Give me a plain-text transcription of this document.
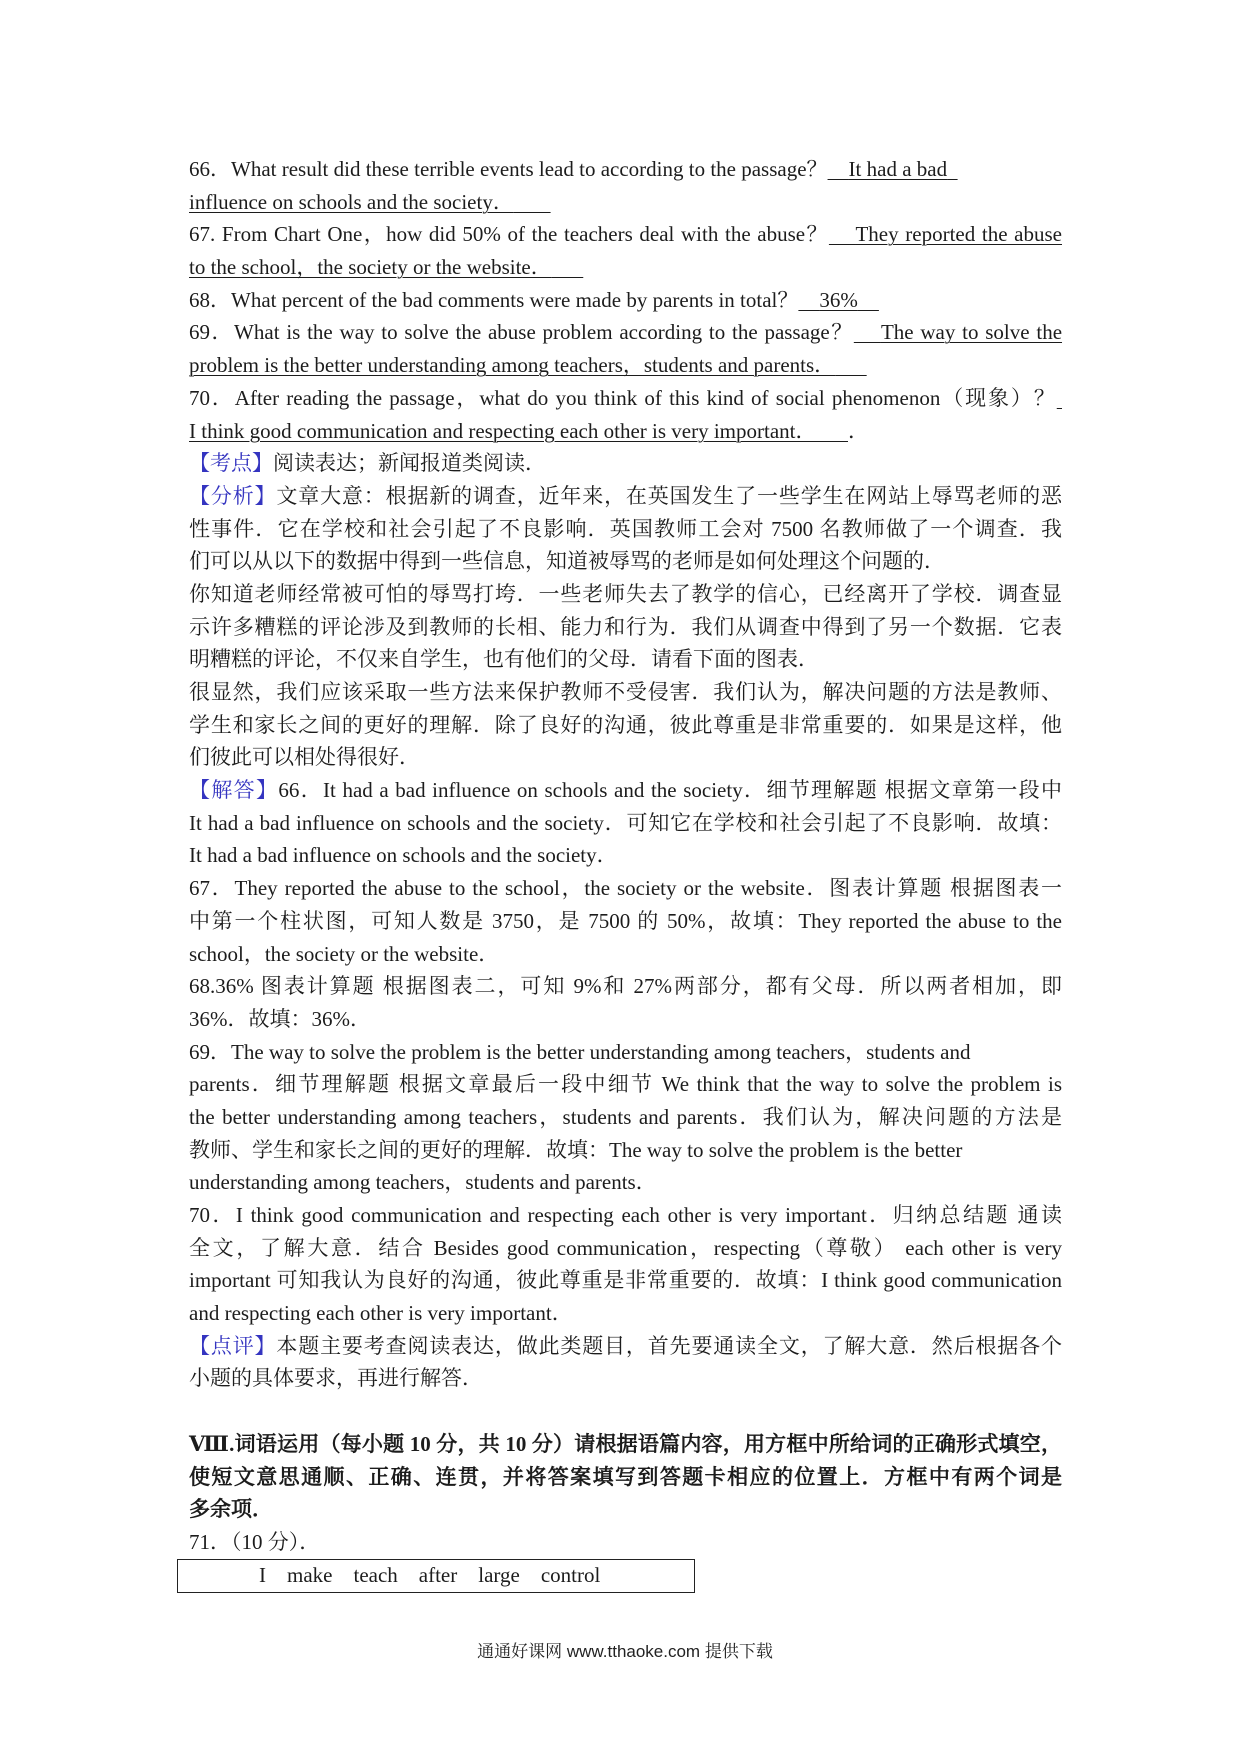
66．What result did these terrible events lead to according to the passage？ It had a bad
influence on schools and the society．
67. From Chart One，how did 50% of the teachers deal with the abuse？ They reported the abuse
to the school，the society or the website．
68．What percent of the bad comments were made by parents in total？ 36%
69．What is the way to solve the abuse problem according to the passage？ The way to solve the
problem is the better understanding among teachers，students and parents．
70．After reading the passage，what do you think of this kind of social phenomenon（现象）？
I think good communication and respecting each other is very important． ．
【考点】阅读表达；新闻报道类阅读．
【分析】文章大意：根据新的调查，近年来，在英国发生了一些学生在网站上辱骂老师的恶
性事件．它在学校和社会引起了不良影响．英国教师工会对 7500 名教师做了一个调查．我
们可以从以下的数据中得到一些信息，知道被辱骂的老师是如何处理这个问题的．
你知道老师经常被可怕的辱骂打垮．一些老师失去了教学的信心，已经离开了学校．调查显
示许多糟糕的评论涉及到教师的长相、能力和行为．我们从调查中得到了另一个数据．它表
明糟糕的评论，不仅来自学生，也有他们的父母．请看下面的图表．
很显然，我们应该采取一些方法来保护教师不受侵害．我们认为，解决问题的方法是教师、
学生和家长之间的更好的理解．除了良好的沟通，彼此尊重是非常重要的．如果是这样，他
们彼此可以相处得很好．
【解答】66．It had a bad influence on schools and the society．细节理解题 根据文章第一段中
It had a bad influence on schools and the society．可知它在学校和社会引起了不良影响．故填：
It had a bad influence on schools and the society．
67．They reported the abuse to the school，the society or the website．图表计算题 根据图表一
中第一个柱状图，可知人数是 3750，是 7500 的 50%，故填：They reported the abuse to the
school，the society or the website．
68.36% 图表计算题 根据图表二，可知 9%和 27%两部分，都有父母．所以两者相加，即
36%．故填：36%．
69．The way to solve the problem is the better understanding among teachers，students and
parents．细节理解题 根据文章最后一段中细节 We think that the way to solve the problem is
the better understanding among teachers，students and parents．我们认为，解决问题的方法是
教师、学生和家长之间的更好的理解．故填：The way to solve the problem is the better
understanding among teachers，students and parents．
70．I think good communication and respecting each other is very important．归纳总结题 通读
全文，了解大意．结合 Besides good communication，respecting（尊敬） each other is very
important 可知我认为良好的沟通，彼此尊重是非常重要的．故填：I think good communication
and respecting each other is very important．
【点评】本题主要考查阅读表达，做此类题目，首先要通读全文，了解大意．然后根据各个
小题的具体要求，再进行解答．
Ⅷ.词语运用（每小题 10 分，共 10 分）请根据语篇内容，用方框中所给词的正确形式填空，
使短文意思通顺、正确、连贯，并将答案填写到答题卡相应的位置上．方框中有两个词是
多余项．
71．（10 分）．
I make teach after large control
通通好课网 www.tthaoke.com 提供下载
